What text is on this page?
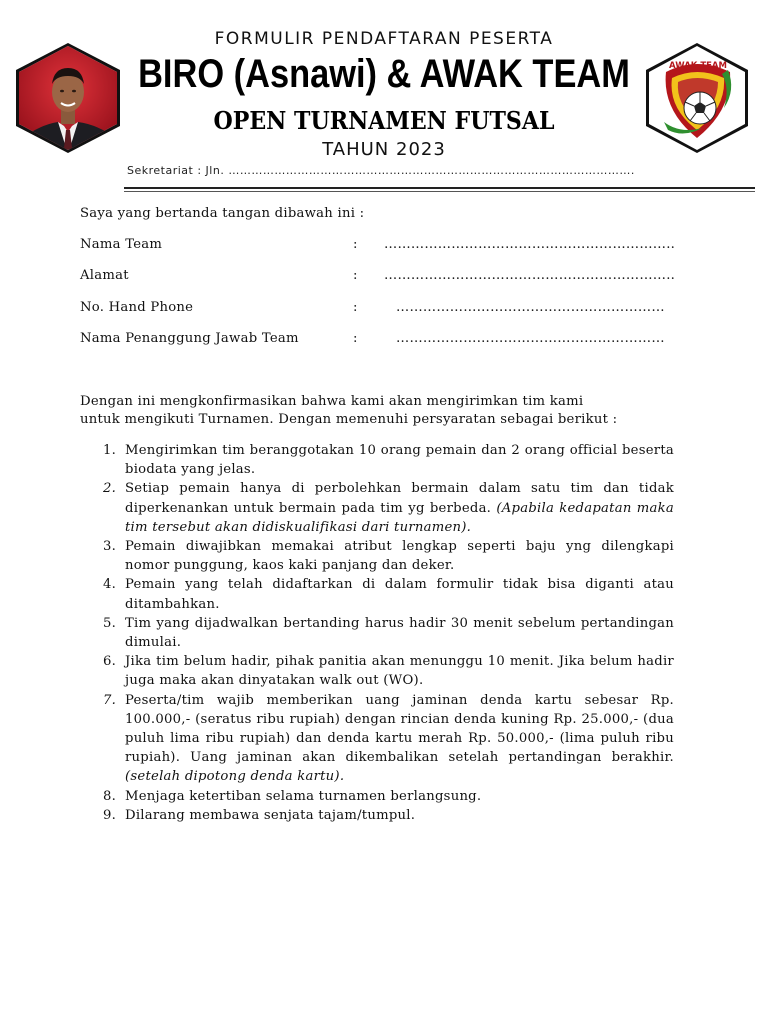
AWAK TEAM
FORMULIR PENDAFTARAN PESERTA
BIRO (Asnawi) & AWAK TEAM
OPEN TURNAMEN FUTSAL
TAHUN 2023
Sekretariat : Jln. …………………………………………………………………………………………….
Saya yang bertanda tangan dibawah ini :
Nama Team	: ………………………………………………………..
Alamat	: ………………………………………………………..
No. Hand Phone	:	……………………………………………………
Nama Penanggung Jawab Team	:	……………………………………………………
Dengan ini mengkonfirmasikan bahwa kami akan mengirimkan tim kami
untuk mengikuti Turnamen. Dengan memenuhi persyaratan sebagai berikut :
1. Mengirimkan tim beranggotakan 10 orang pemain dan 2 orang official beserta biodata yang jelas.
2. Setiap pemain hanya di perbolehkan bermain dalam satu tim dan tidak diperkenankan untuk bermain pada tim yg berbeda. (Apabila kedapatan maka tim tersebut akan didiskualifikasi dari turnamen).
3. Pemain diwajibkan memakai atribut lengkap seperti baju yng dilengkapi nomor punggung, kaos kaki panjang dan deker.
4. Pemain yang telah didaftarkan di dalam formulir tidak bisa diganti atau ditambahkan.
5. Tim yang dijadwalkan bertanding harus hadir 30 menit sebelum pertandingan dimulai.
6. Jika tim belum hadir, pihak panitia akan menunggu 10 menit. Jika belum hadir juga maka akan dinyatakan walk out (WO).
7. Peserta/tim wajib memberikan uang jaminan denda kartu sebesar Rp. 100.000,- (seratus ribu rupiah) dengan rincian denda kuning Rp. 25.000,- (dua puluh lima ribu rupiah) dan denda kartu merah Rp. 50.000,- (lima puluh ribu rupiah). Uang jaminan akan dikembalikan setelah pertandingan berakhir. (setelah dipotong denda kartu).
8. Menjaga ketertiban selama turnamen berlangsung.
9. Dilarang membawa senjata tajam/tumpul.
